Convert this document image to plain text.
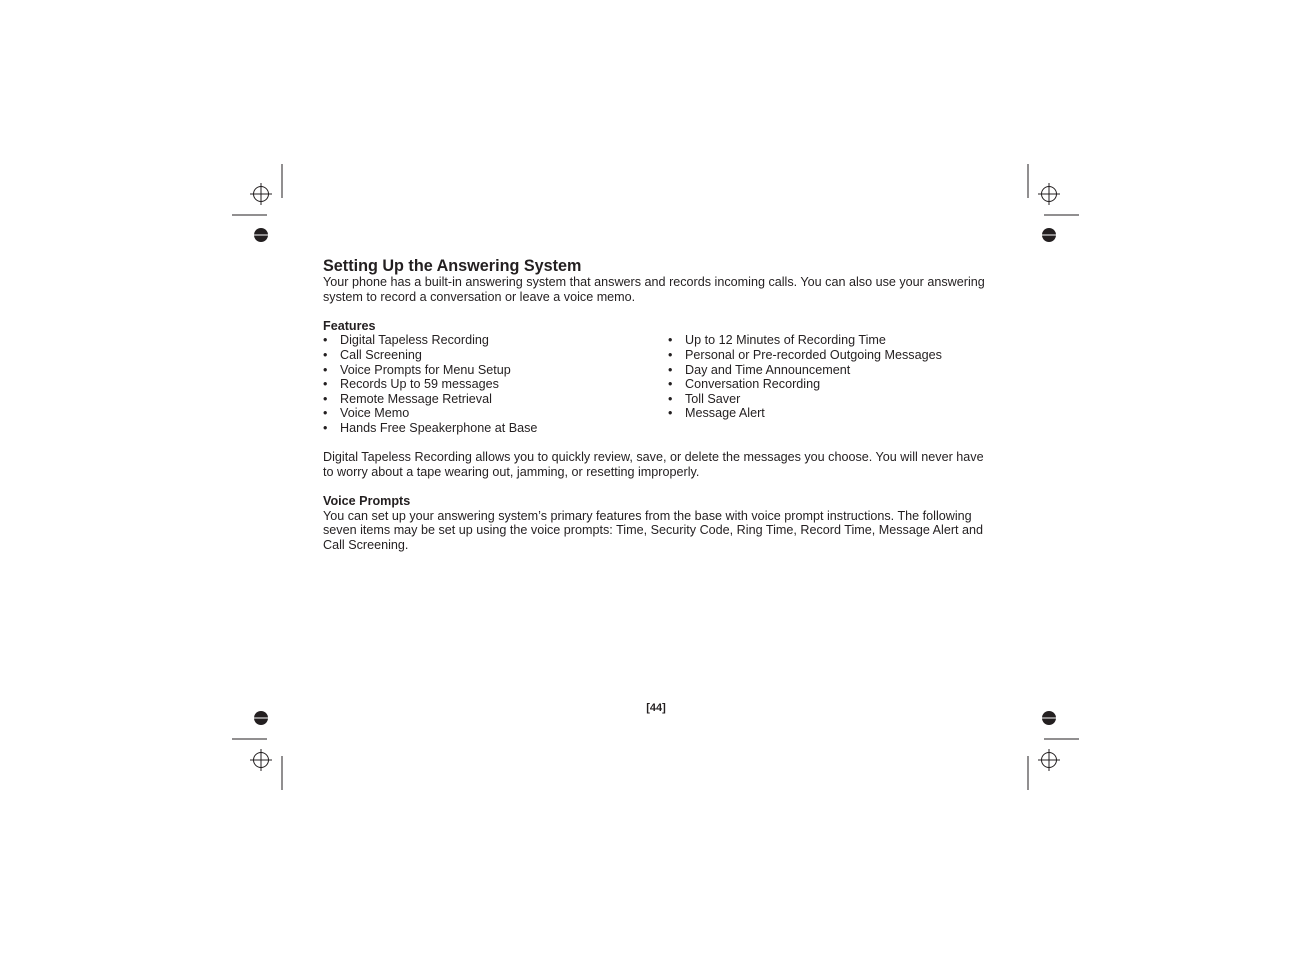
Setting Up the Answering System

Your phone has a built-in answering system that answers and records incoming calls. You can also use your answering system to record a conversation or leave a voice memo.

Features

• Digital Tapeless Recording
• Call Screening
• Voice Prompts for Menu Setup
• Records Up to 59 messages
• Remote Message Retrieval
• Voice Memo
• Hands Free Speakerphone at Base
• Up to 12 Minutes of Recording Time
• Personal or Pre-recorded Outgoing Messages
• Day and Time Announcement
• Conversation Recording
• Toll Saver
• Message Alert

Digital Tapeless Recording allows you to quickly review, save, or delete the messages you choose. You will never have to worry about a tape wearing out, jamming, or resetting improperly.

Voice Prompts

You can set up your answering system’s primary features from the base with voice prompt instructions. The following seven items may be set up using the voice prompts: Time, Security Code, Ring Time, Record Time, Message Alert and Call Screening.

[44]
